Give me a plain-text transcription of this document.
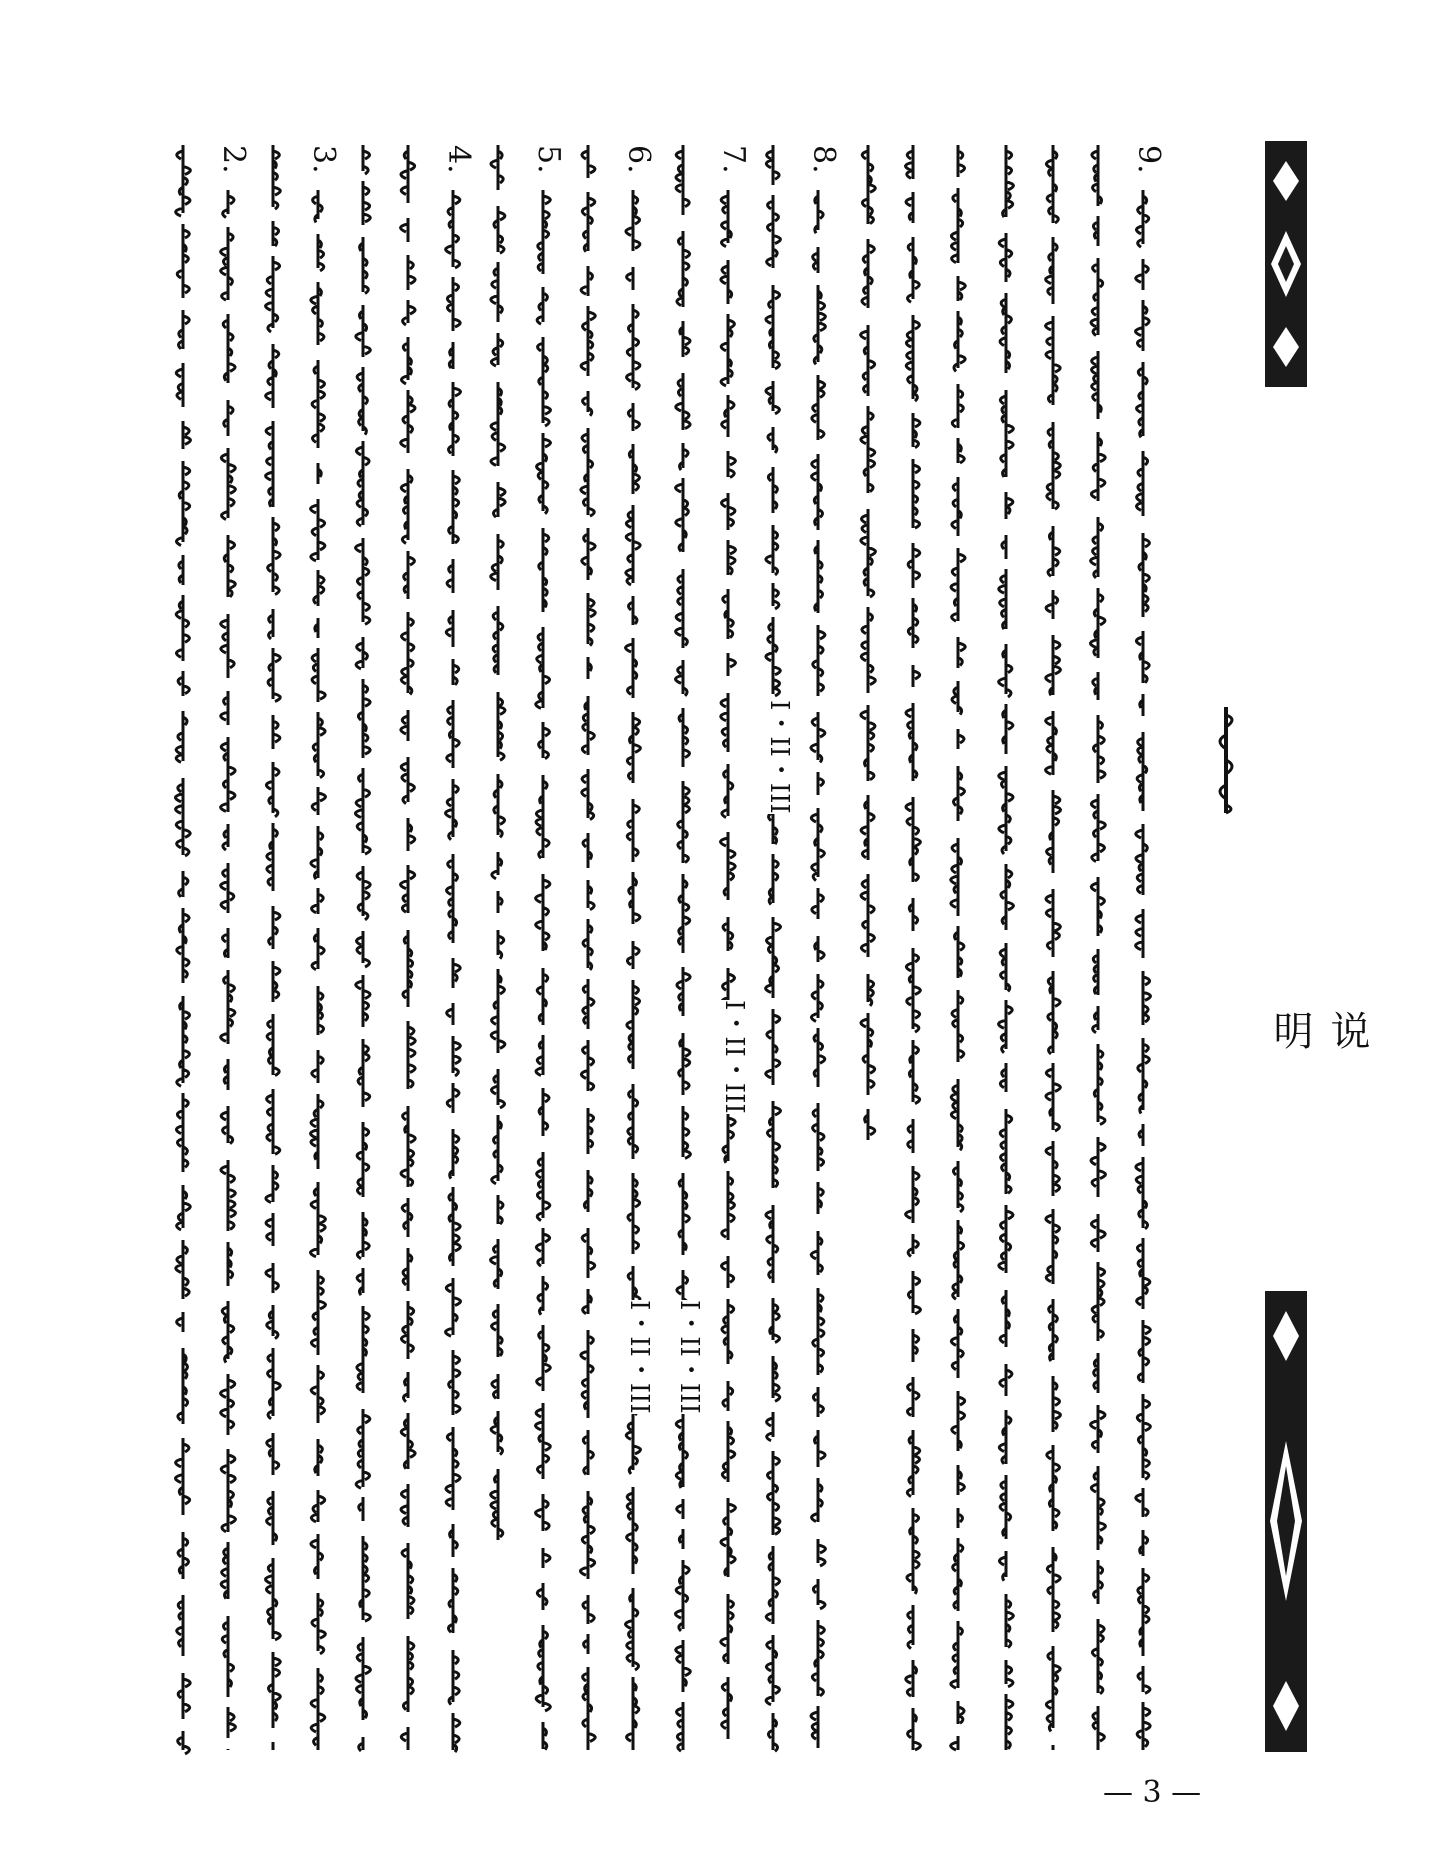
说
明
9.
8.
7.
6.
5.
4.
3.
2.
I・II・III
I・II・III
I・II・III
I・II・III
— 3 —
